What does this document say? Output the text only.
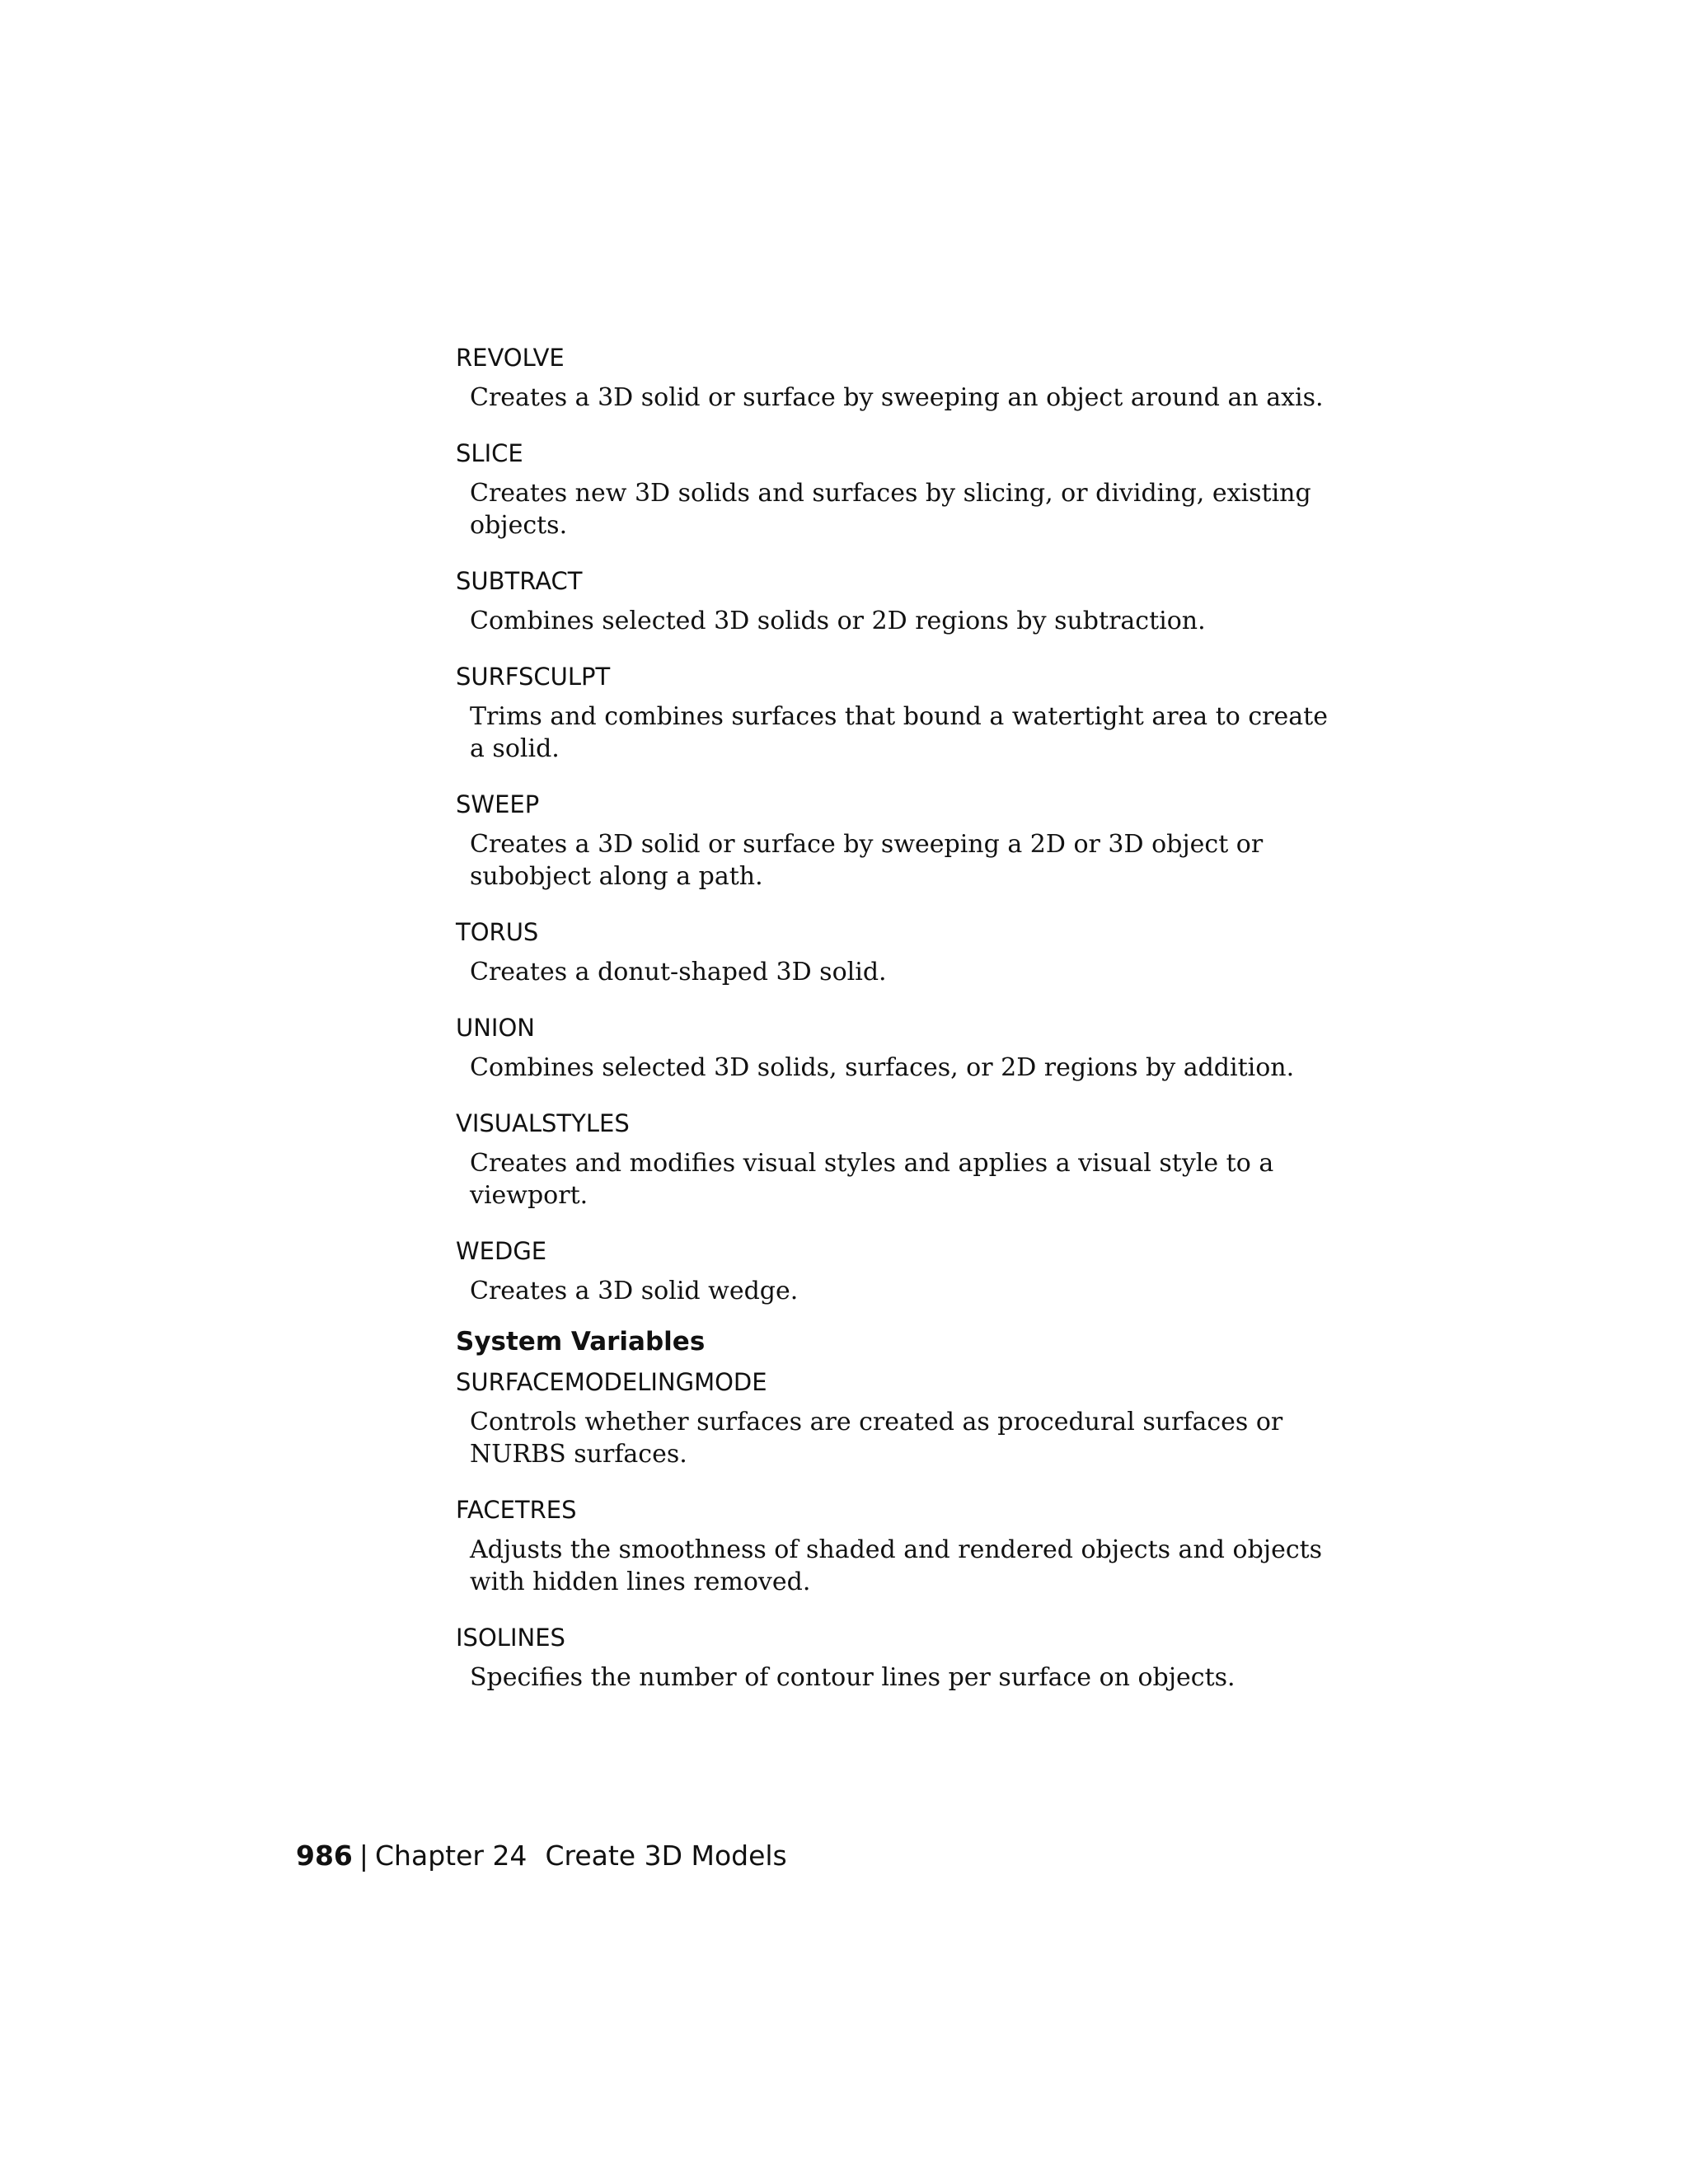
REVOLVE

Creates a 3D solid or surface by sweeping an object around an axis.

SLICE

Creates new 3D solids and surfaces by slicing, or dividing, existing objects.

SUBTRACT

Combines selected 3D solids or 2D regions by subtraction.

SURFSCULPT

Trims and combines surfaces that bound a watertight area to create a solid.

SWEEP

Creates a 3D solid or surface by sweeping a 2D or 3D object or subobject along a path.

TORUS

Creates a donut-shaped 3D solid.

UNION

Combines selected 3D solids, surfaces, or 2D regions by addition.

VISUALSTYLES

Creates and modifies visual styles and applies a visual style to a viewport.

WEDGE

Creates a 3D solid wedge.

System Variables

SURFACEMODELINGMODE

Controls whether surfaces are created as procedural surfaces or NURBS surfaces.

FACETRES

Adjusts the smoothness of shaded and rendered objects and objects with hidden lines removed.

ISOLINES

Specifies the number of contour lines per surface on objects.

986 | Chapter 24 Create 3D Models
